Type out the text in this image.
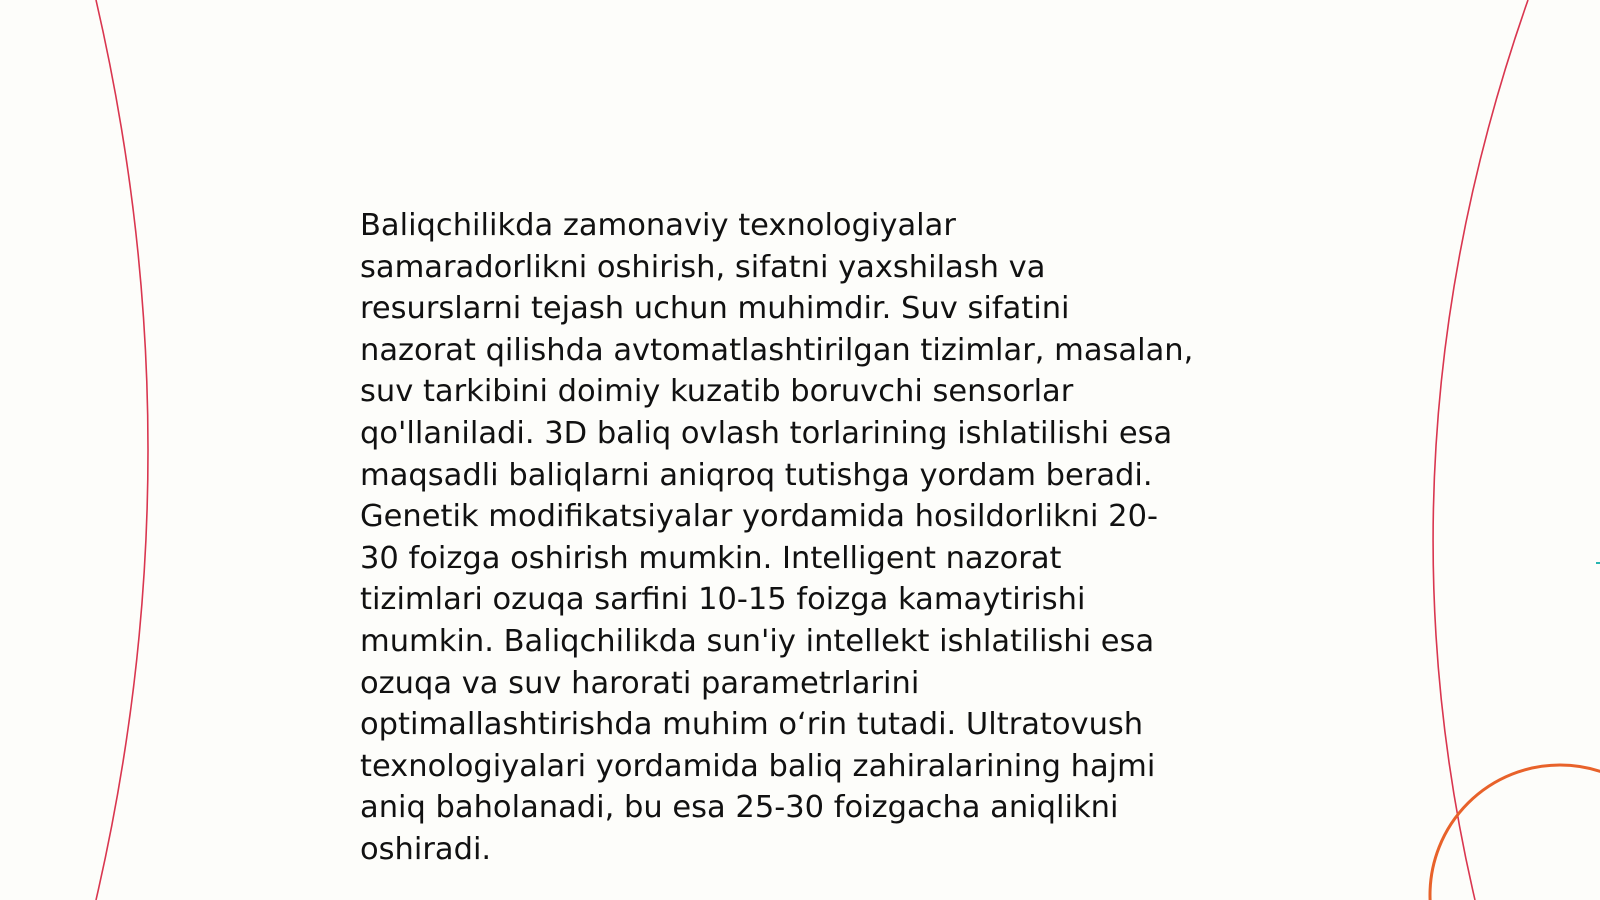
Baliqchilikda zamonaviy texnologiyalar
samaradorlikni oshirish, sifatni yaxshilash va
resurslarni tejash uchun muhimdir. Suv sifatini
nazorat qilishda avtomatlashtirilgan tizimlar, masalan,
suv tarkibini doimiy kuzatib boruvchi sensorlar
qo'llaniladi. 3D baliq ovlash torlarining ishlatilishi esa
maqsadli baliqlarni aniqroq tutishga yordam beradi.
Genetik modifikatsiyalar yordamida hosildorlikni 20-
30 foizga oshirish mumkin. Intelligent nazorat
tizimlari ozuqa sarfini 10-15 foizga kamaytirishi
mumkin. Baliqchilikda sun'iy intellekt ishlatilishi esa
ozuqa va suv harorati parametrlarini
optimallashtirishda muhim o‘rin tutadi. Ultratovush
texnologiyalari yordamida baliq zahiralarining hajmi
aniq baholanadi, bu esa 25-30 foizgacha aniqlikni
oshiradi.
